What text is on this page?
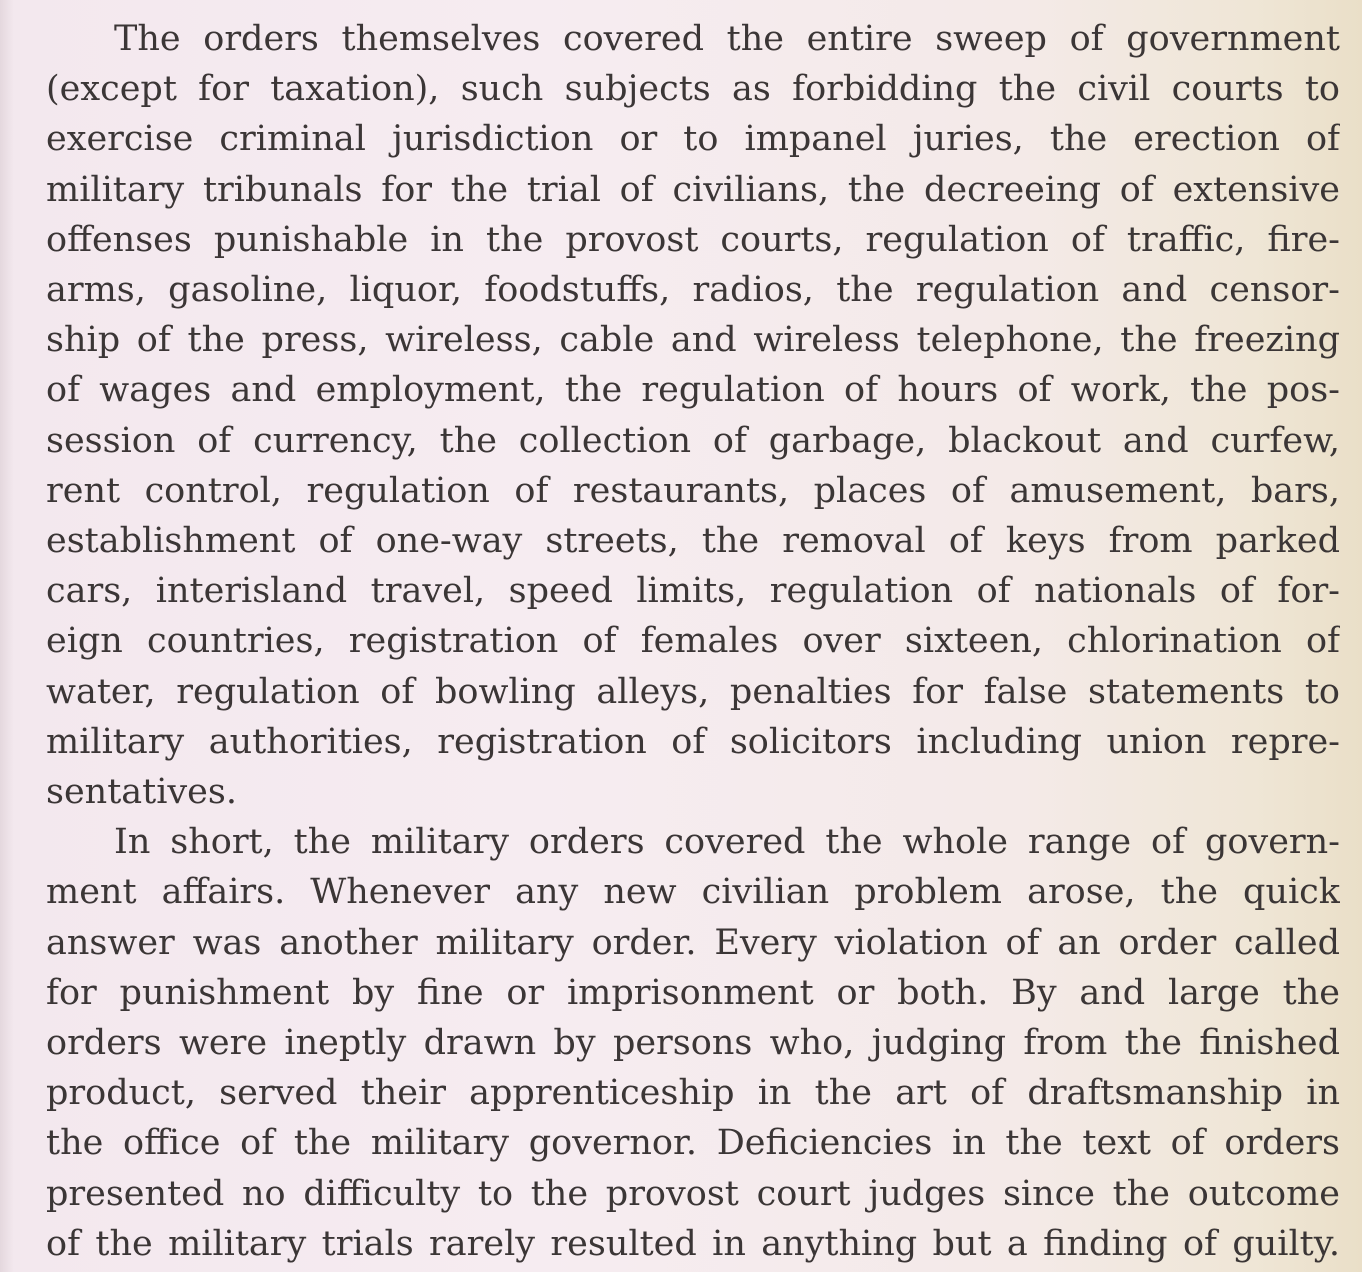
The orders themselves covered the entire sweep of government
(except for taxation), such subjects as forbidding the civil courts to
exercise criminal jurisdiction or to impanel juries, the erection of
military tribunals for the trial of civilians, the decreeing of extensive
offenses punishable in the provost courts, regulation of traffic, fire-
arms, gasoline, liquor, foodstuffs, radios, the regulation and censor-
ship of the press, wireless, cable and wireless telephone, the freezing
of wages and employment, the regulation of hours of work, the pos-
session of currency, the collection of garbage, blackout and curfew,
rent control, regulation of restaurants, places of amusement, bars,
establishment of one-way streets, the removal of keys from parked
cars, interisland travel, speed limits, regulation of nationals of for-
eign countries, registration of females over sixteen, chlorination of
water, regulation of bowling alleys, penalties for false statements to
military authorities, registration of solicitors including union repre-
sentatives.

In short, the military orders covered the whole range of govern-
ment affairs. Whenever any new civilian problem arose, the quick
answer was another military order. Every violation of an order called
for punishment by fine or imprisonment or both. By and large the
orders were ineptly drawn by persons who, judging from the finished
product, served their apprenticeship in the art of draftsmanship in
the office of the military governor. Deficiencies in the text of orders
presented no difficulty to the provost court judges since the outcome
of the military trials rarely resulted in anything but a finding of guilty.
